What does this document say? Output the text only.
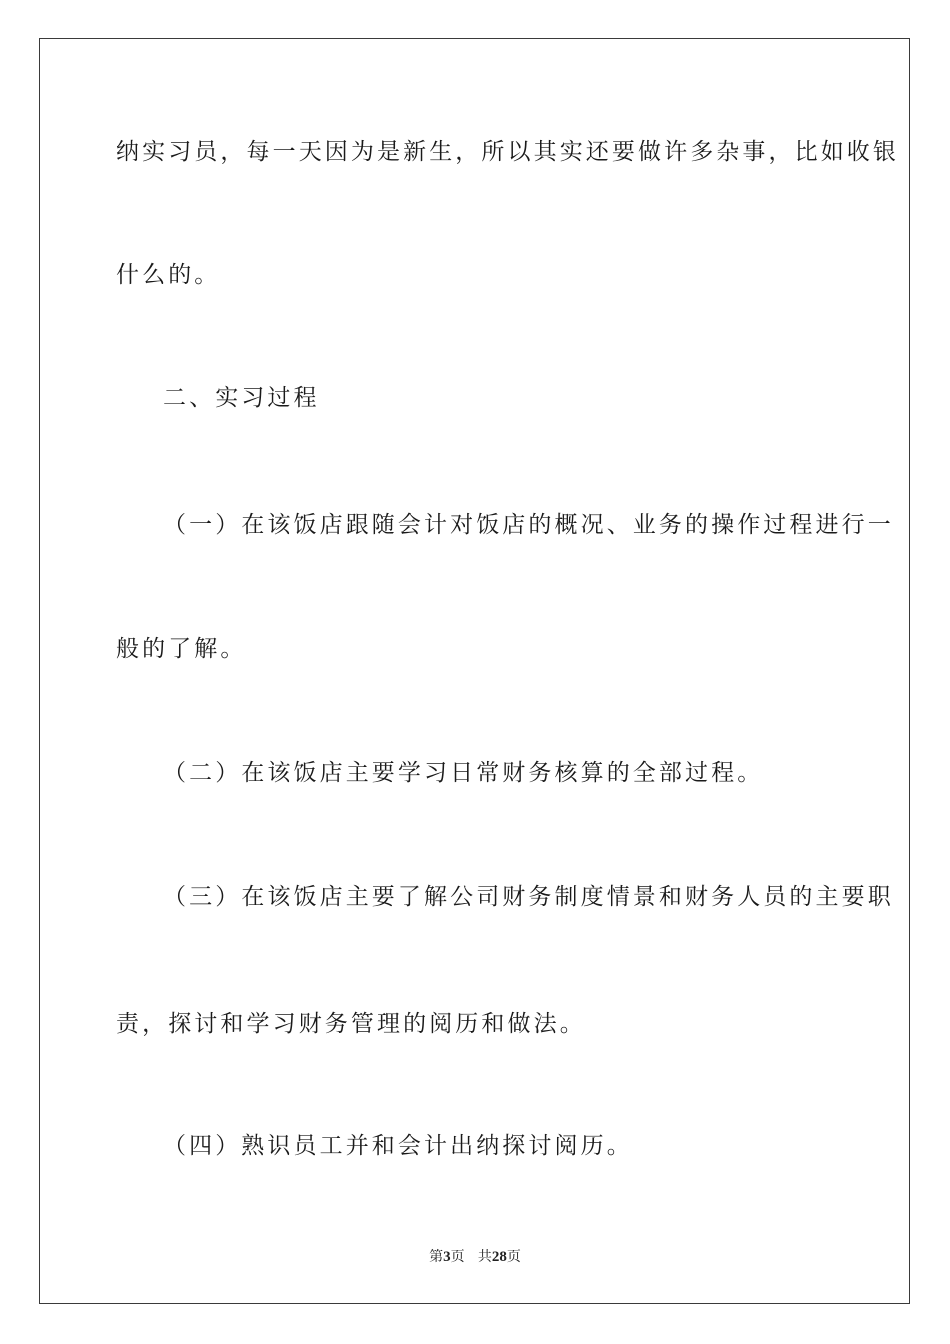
纳实习员，每一天因为是新生，所以其实还要做许多杂事，比如收银
什么的。
二、实习过程
（一）在该饭店跟随会计对饭店的概况、业务的操作过程进行一
般的了解。
（二）在该饭店主要学习日常财务核算的全部过程。
（三）在该饭店主要了解公司财务制度情景和财务人员的主要职
责，探讨和学习财务管理的阅历和做法。
（四）熟识员工并和会计出纳探讨阅历。
第3页 共28页
